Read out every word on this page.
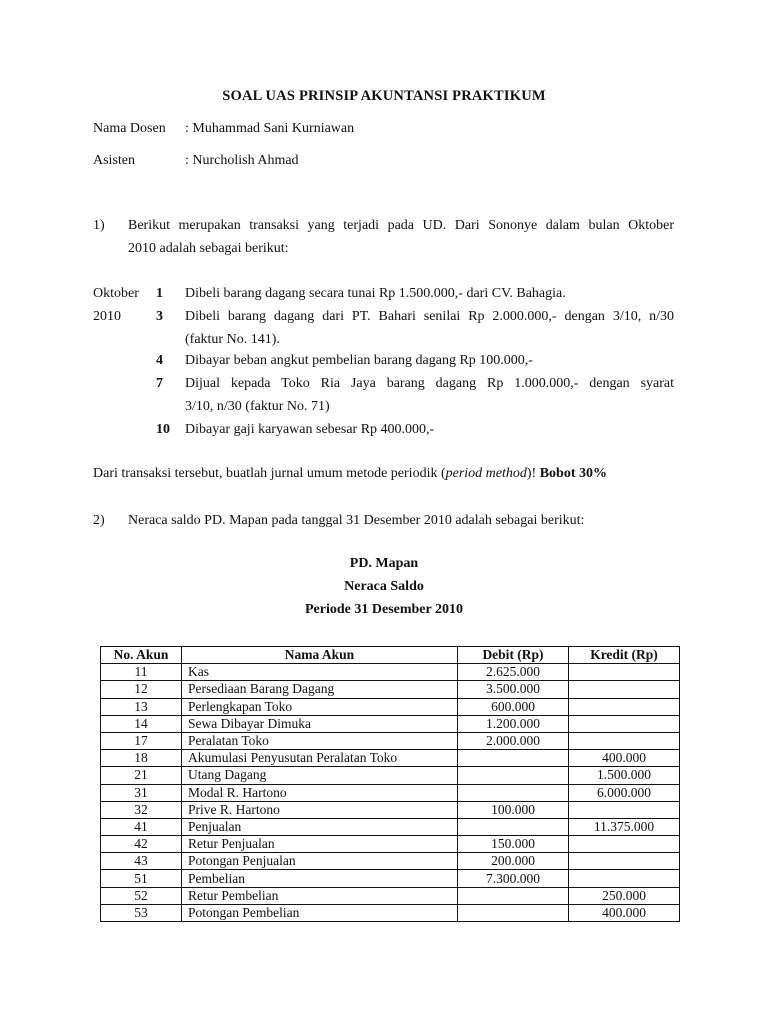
SOAL UAS PRINSIP AKUNTANSI PRAKTIKUM
Nama Dosen : Muhammad Sani Kurniawan
Asisten	: Nurcholish Ahmad
1) Berikut merupakan transaksi yang terjadi pada UD. Dari Sononye dalam bulan Oktober
2010 adalah sebagai berikut:
Oktober
2010
1 Dibeli barang dagang secara tunai Rp 1.500.000,- dari CV. Bahagia.
3 Dibeli barang dagang dari PT. Bahari senilai Rp 2.000.000,- dengan 3/10, n/30
(faktur No. 141).
4 Dibayar beban angkut pembelian barang dagang Rp 100.000,-
7 Dijual kepada Toko Ria Jaya barang dagang Rp 1.000.000,- dengan syarat
3/10, n/30 (faktur No. 71)
10 Dibayar gaji karyawan sebesar Rp 400.000,-
Dari transaksi tersebut, buatlah jurnal umum metode periodik (period method)! Bobot 30%
2) Neraca saldo PD. Mapan pada tanggal 31 Desember 2010 adalah sebagai berikut:
PD. Mapan
Neraca Saldo
Periode 31 Desember 2010
No. Akun	Nama Akun	Debit (Rp)	Kredit (Rp)
11	Kas	2.625.000	
12	Persediaan Barang Dagang	3.500.000	
13	Perlengkapan Toko	600.000	
14	Sewa Dibayar Dimuka	1.200.000	
17	Peralatan Toko	2.000.000	
18	Akumulasi Penyusutan Peralatan Toko		400.000
21	Utang Dagang		1.500.000
31	Modal R. Hartono		6.000.000
32	Prive R. Hartono	100.000	
41	Penjualan		11.375.000
42	Retur Penjualan	150.000	
43	Potongan Penjualan	200.000	
51	Pembelian	7.300.000	
52	Retur Pembelian		250.000
53	Potongan Pembelian		400.000
